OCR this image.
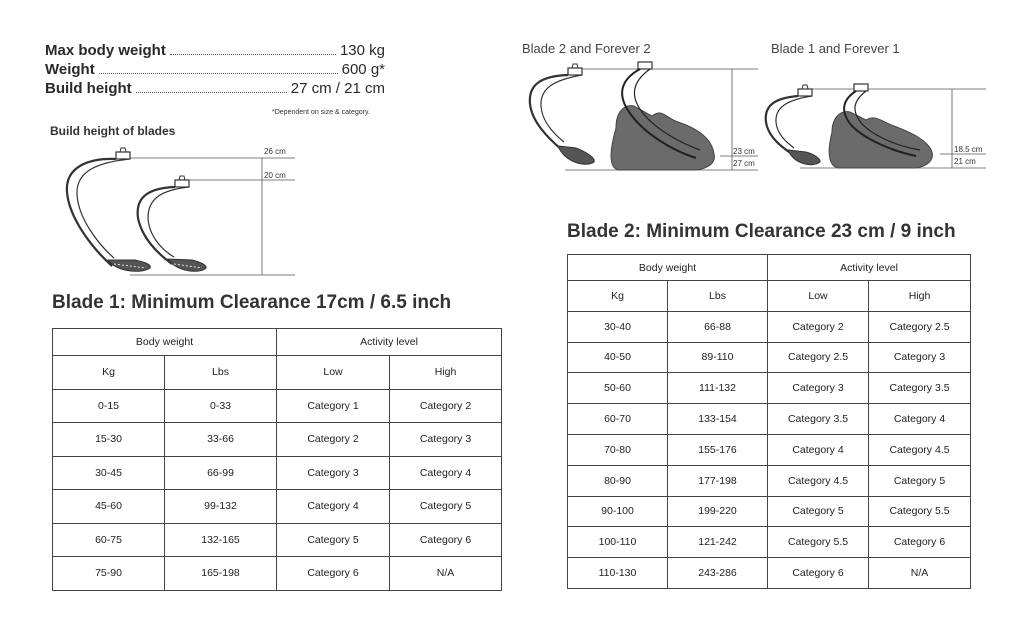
Max body weight	130 kg
Weight	600 g*
Build height	27 cm / 21 cm
*Dependent on size & category.
Build height of blades
26 cm
20 cm
Blade 2 and Forever 2
23 cm
27 cm
Blade 1 and Forever 1
18.5 cm
21 cm
Blade 1: Minimum Clearance 17cm / 6.5 inch
Body weight		Activity level	
Kg	Lbs	Low	High
0-15	0-33	Category 1	Category 2
15-30	33-66	Category 2	Category 3
30-45	66-99	Category 3	Category 4
45-60	99-132	Category 4	Category 5
60-75	132-165	Category 5	Category 6
75-90	165-198	Category 6	N/A
Blade 2: Minimum Clearance 23 cm / 9 inch
Body weight		Activity level	
Kg	Lbs	Low	High
30-40	66-88	Category 2	Category 2.5
40-50	89-110	Category 2.5	Category 3
50-60	111-132	Category 3	Category 3.5
60-70	133-154	Category 3.5	Category 4
70-80	155-176	Category 4	Category 4.5
80-90	177-198	Category 4.5	Category 5
90-100	199-220	Category 5	Category 5.5
100-110	121-242	Category 5.5	Category 6
110-130	243-286	Category 6	N/A
